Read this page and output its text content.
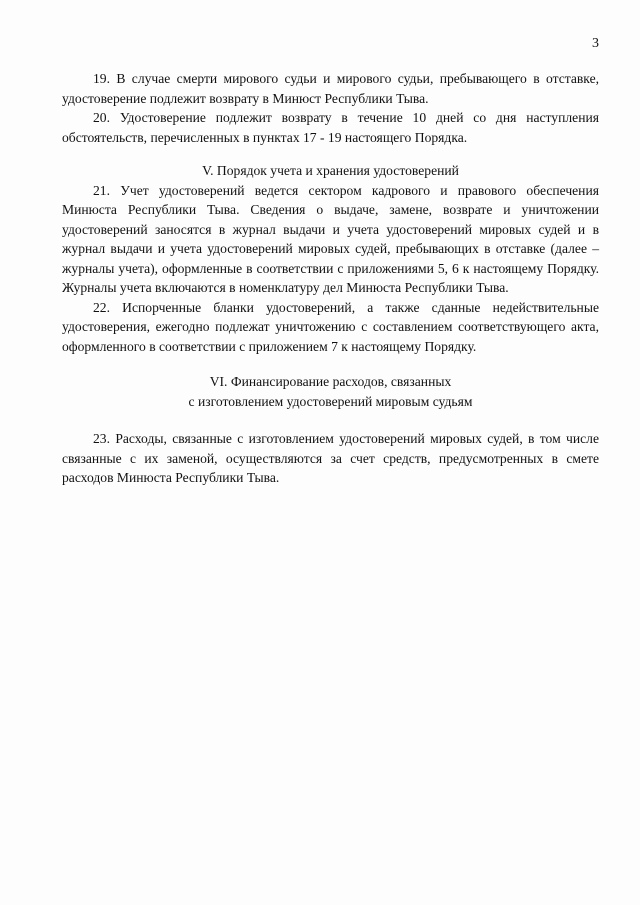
3

19. В случае смерти мирового судьи и мирового судьи, пребывающего в отставке, удостоверение подлежит возврату в Минюст Республики Тыва.

20. Удостоверение подлежит возврату в течение 10 дней со дня наступления обстоятельств, перечисленных в пунктах 17 - 19 настоящего Порядка.

V. Порядок учета и хранения удостоверений

21. Учет удостоверений ведется сектором кадрового и правового обеспечения Минюста Республики Тыва. Сведения о выдаче, замене, возврате и уничтожении удостоверений заносятся в журнал выдачи и учета удостоверений мировых судей и в журнал выдачи и учета удостоверений мировых судей, пребывающих в отставке (далее – журналы учета), оформленные в соответствии с приложениями 5, 6 к настоящему Порядку. Журналы учета включаются в номенклатуру дел Минюста Республики Тыва.

22. Испорченные бланки удостоверений, а также сданные недействительные удостоверения, ежегодно подлежат уничтожению с составлением соответствующего акта, оформленного в соответствии с приложением 7 к настоящему Порядку.

VI. Финансирование расходов, связанных

с изготовлением удостоверений мировым судьям

23. Расходы, связанные с изготовлением удостоверений мировых судей, в том числе связанные с их заменой, осуществляются за счет средств, предусмотренных в смете расходов Минюста Республики Тыва.
